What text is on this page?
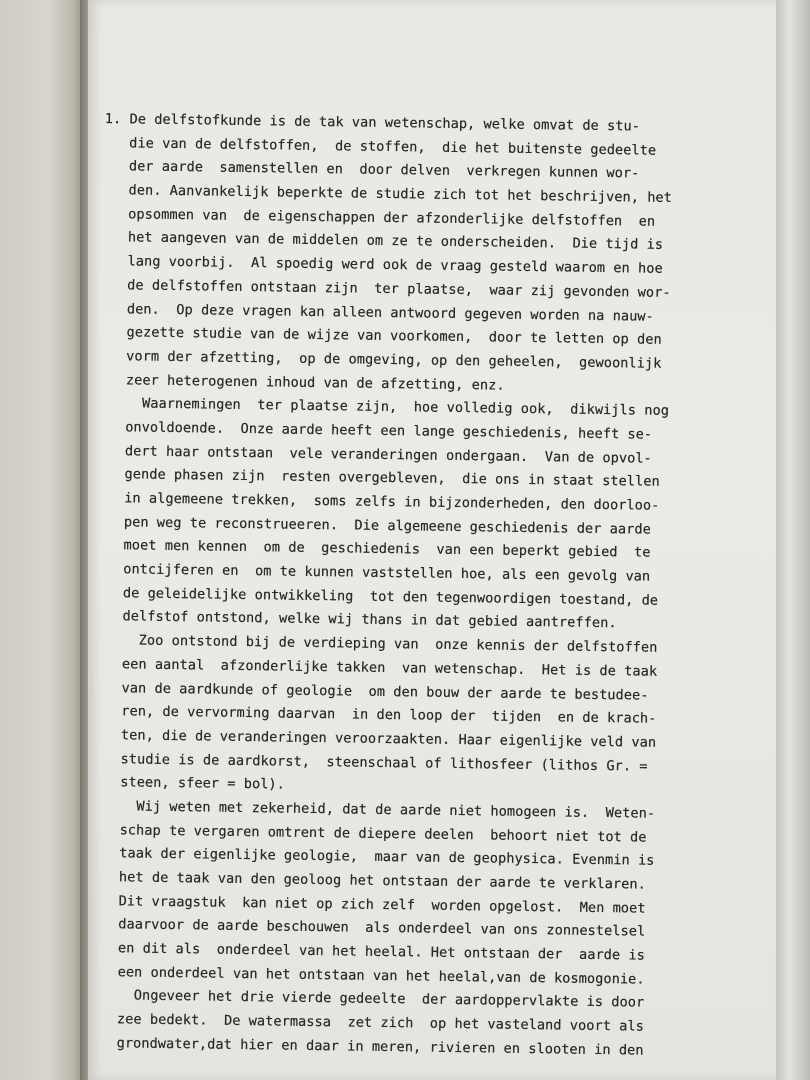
1. De delfstofkunde is de tak van wetenschap, welke omvat de stu-
die van de delfstoffen,  de stoffen,  die het buitenste gedeelte
der aarde  samenstellen en  door delven  verkregen kunnen wor-
den. Aanvankelijk beperkte de studie zich tot het beschrijven, het
opsommen van  de eigenschappen der afzonderlijke delfstoffen  en
het aangeven van de middelen om ze te onderscheiden.  Die tijd is
lang voorbij.  Al spoedig werd ook de vraag gesteld waarom en hoe
de delfstoffen ontstaan zijn  ter plaatse,  waar zij gevonden wor-
den.  Op deze vragen kan alleen antwoord gegeven worden na nauw-
gezette studie van de wijze van voorkomen,  door te letten op den
vorm der afzetting,  op de omgeving, op den geheelen,  gewoonlijk
zeer heterogenen inhoud van de afzetting, enz.
Waarnemingen  ter plaatse zijn,  hoe volledig ook,  dikwijls nog
onvoldoende.  Onze aarde heeft een lange geschiedenis, heeft se-
dert haar ontstaan  vele veranderingen ondergaan.  Van de opvol-
gende phasen zijn  resten overgebleven,  die ons in staat stellen
in algemeene trekken,  soms zelfs in bijzonderheden, den doorloo-
pen weg te reconstrueeren.  Die algemeene geschiedenis der aarde
moet men kennen  om de  geschiedenis  van een beperkt gebied  te
ontcijferen en  om te kunnen vaststellen hoe, als een gevolg van
de geleidelijke ontwikkeling  tot den tegenwoordigen toestand, de
delfstof ontstond, welke wij thans in dat gebied aantreffen.
Zoo ontstond bij de verdieping van  onze kennis der delfstoffen
een aantal  afzonderlijke takken  van wetenschap.  Het is de taak
van de aardkunde of geologie  om den bouw der aarde te bestudee-
ren, de vervorming daarvan  in den loop der  tijden  en de krach-
ten, die de veranderingen veroorzaakten. Haar eigenlijke veld van
studie is de aardkorst,  steenschaal of lithosfeer (lithos Gr. =
steen, sfeer = bol).
Wij weten met zekerheid, dat de aarde niet homogeen is.  Weten-
schap te vergaren omtrent de diepere deelen  behoort niet tot de
taak der eigenlijke geologie,  maar van de geophysica. Evenmin is
het de taak van den geoloog het ontstaan der aarde te verklaren.
Dit vraagstuk  kan niet op zich zelf  worden opgelost.  Men moet
daarvoor de aarde beschouwen  als onderdeel van ons zonnestelsel
en dit als  onderdeel van het heelal. Het ontstaan der  aarde is
een onderdeel van het ontstaan van het heelal,van de kosmogonie.
Ongeveer het drie vierde gedeelte  der aardoppervlakte is door
zee bedekt.  De watermassa  zet zich  op het vasteland voort als
grondwater,dat hier en daar in meren, rivieren en slooten in den
